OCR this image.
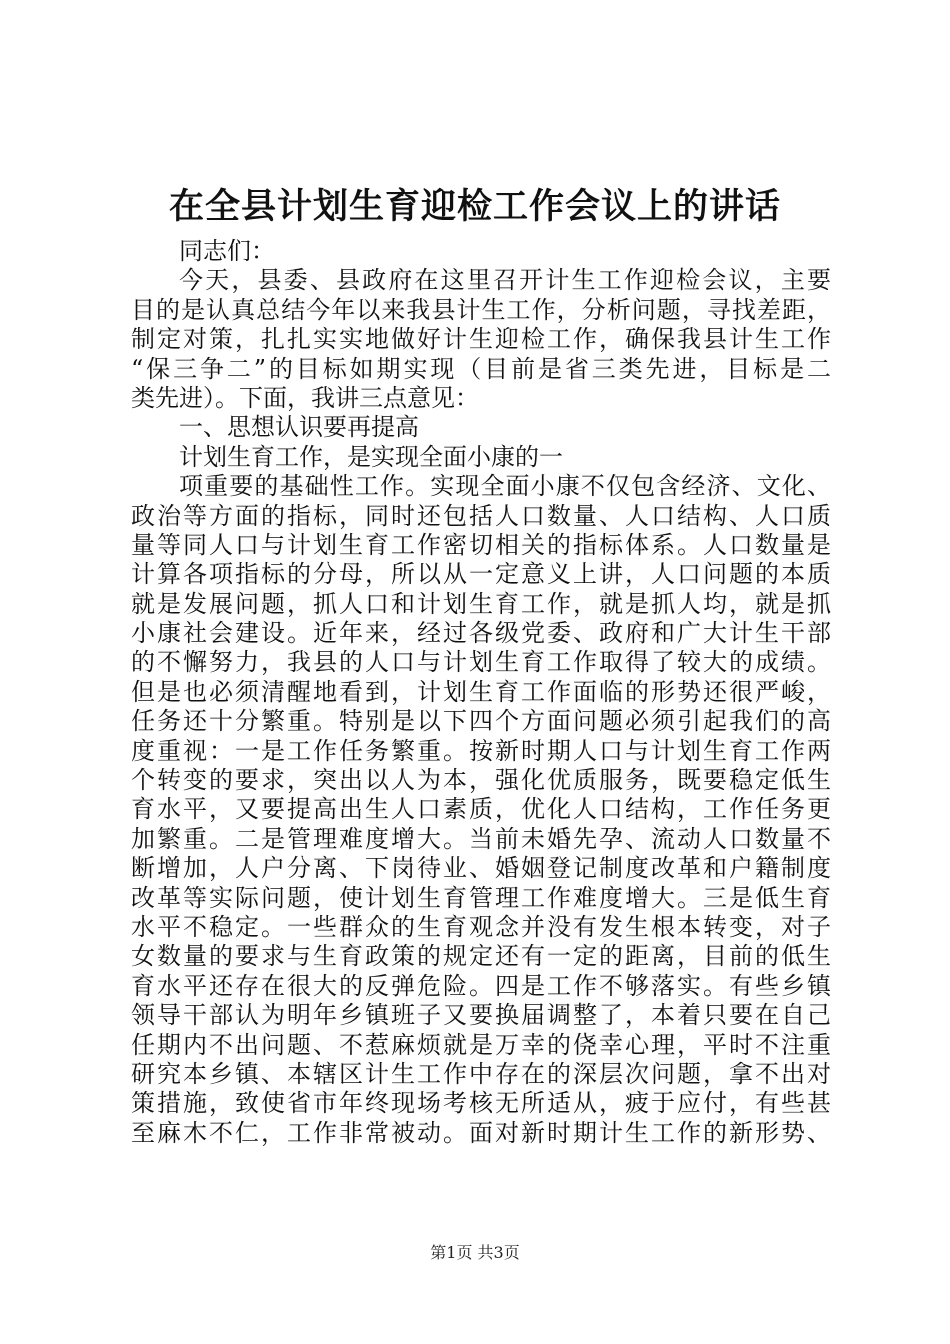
在全县计划生育迎检工作会议上的讲话
同志们：
今天，县委、县政府在这里召开计生工作迎检会议，主要
目的是认真总结今年以来我县计生工作，分析问题，寻找差距，
制定对策，扎扎实实地做好计生迎检工作，确保我县计生工作
“保三争二”的目标如期实现（目前是省三类先进，目标是二
类先进）。下面，我讲三点意见：
一、思想认识要再提高
计划生育工作，是实现全面小康的一
项重要的基础性工作。实现全面小康不仅包含经济、文化、
政治等方面的指标，同时还包括人口数量、人口结构、人口质
量等同人口与计划生育工作密切相关的指标体系。人口数量是
计算各项指标的分母，所以从一定意义上讲，人口问题的本质
就是发展问题，抓人口和计划生育工作，就是抓人均，就是抓
小康社会建设。近年来，经过各级党委、政府和广大计生干部
的不懈努力，我县的人口与计划生育工作取得了较大的成绩。
但是也必须清醒地看到，计划生育工作面临的形势还很严峻，
任务还十分繁重。特别是以下四个方面问题必须引起我们的高
度重视：一是工作任务繁重。按新时期人口与计划生育工作两
个转变的要求，突出以人为本，强化优质服务，既要稳定低生
育水平，又要提高出生人口素质，优化人口结构，工作任务更
加繁重。二是管理难度增大。当前未婚先孕、流动人口数量不
断增加，人户分离、下岗待业、婚姻登记制度改革和户籍制度
改革等实际问题，使计划生育管理工作难度增大。三是低生育
水平不稳定。一些群众的生育观念并没有发生根本转变，对子
女数量的要求与生育政策的规定还有一定的距离，目前的低生
育水平还存在很大的反弹危险。四是工作不够落实。有些乡镇
领导干部认为明年乡镇班子又要换届调整了，本着只要在自己
任期内不出问题、不惹麻烦就是万幸的侥幸心理，平时不注重
研究本乡镇、本辖区计生工作中存在的深层次问题，拿不出对
策措施，致使省市年终现场考核无所适从，疲于应付，有些甚
至麻木不仁，工作非常被动。面对新时期计生工作的新形势、
第1页 共3页
